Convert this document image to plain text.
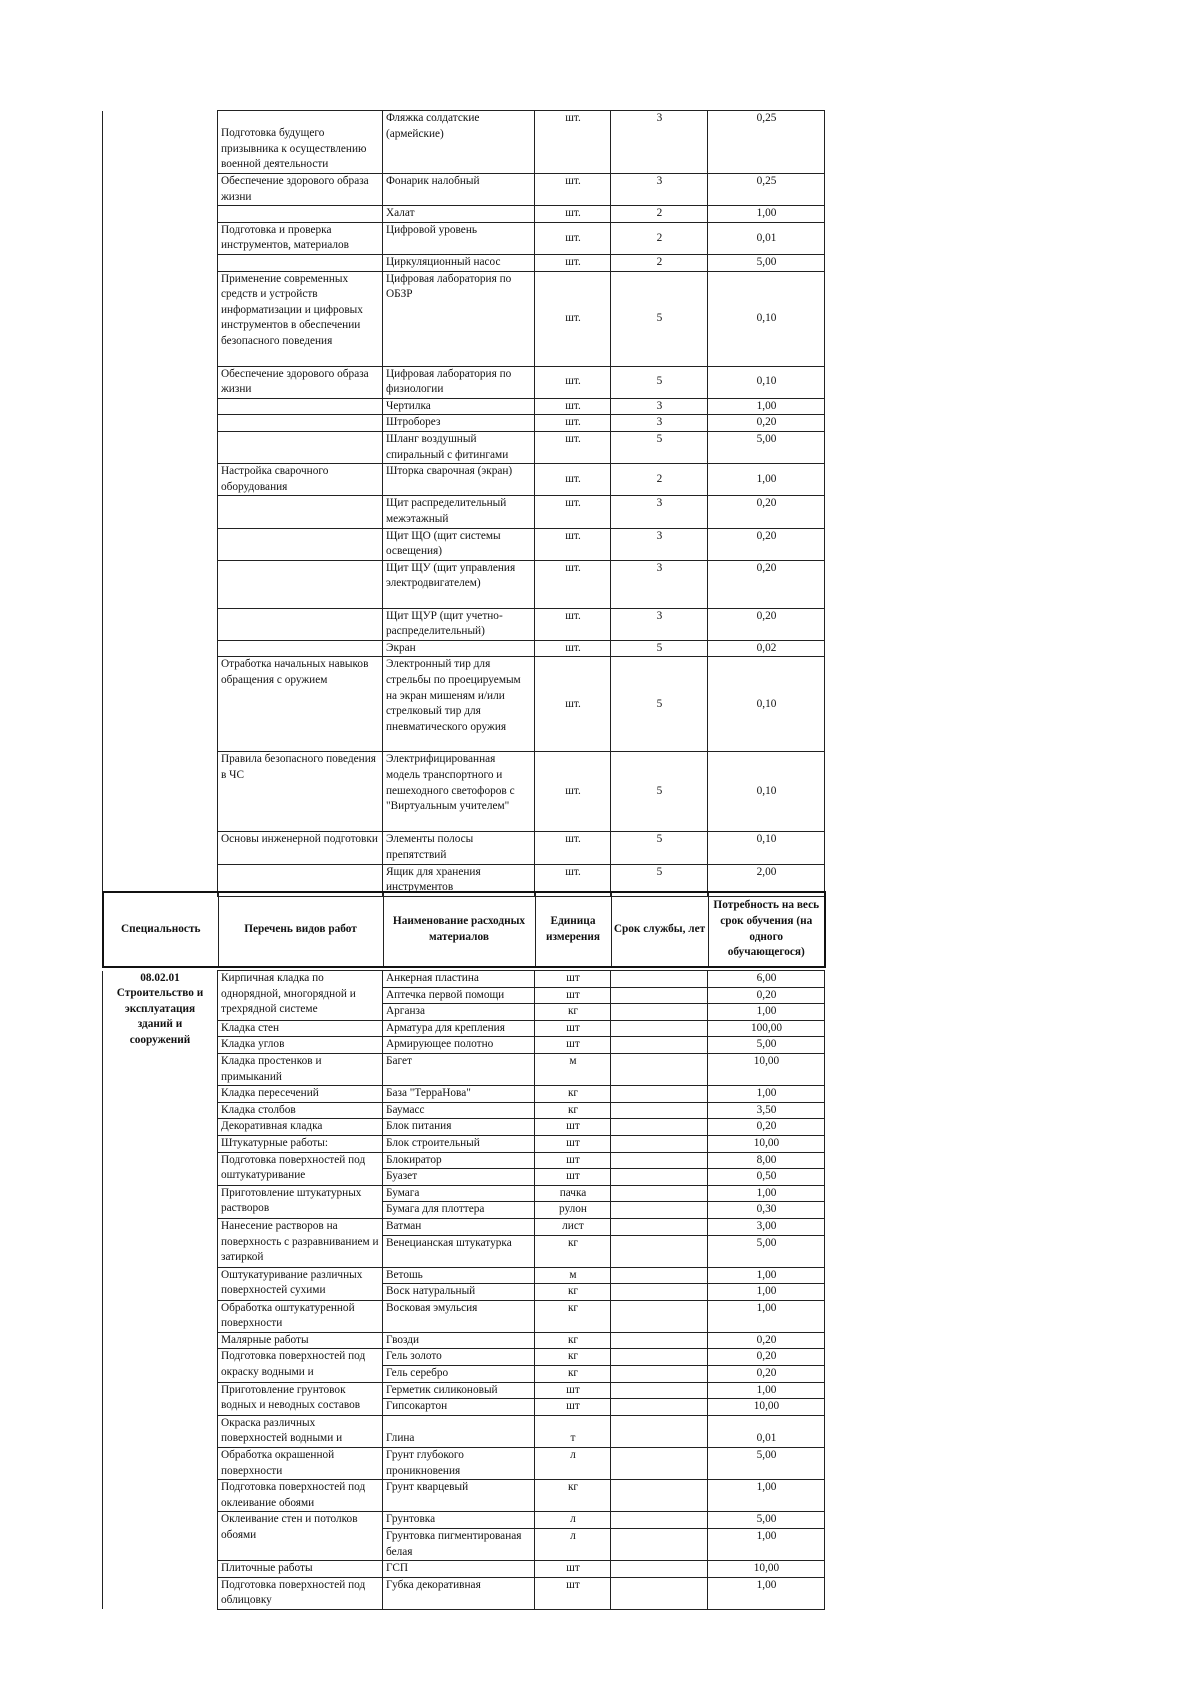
	Подготовка будущего призывника к осуществлению военной деятельности	Фляжка солдатские (армейские)	шт.	3	0,25
	Обеспечение здорового образа жизни	Фонарик налобный	шт.	3	0,25
		Халат	шт.	2	1,00
	Подготовка и проверка инструментов, материалов	Цифровой уровень	шт.	2	0,01
		Циркуляционный насос	шт.	2	5,00
	Применение современных средств и устройств информатизации и цифровых инструментов в обеспечении безопасного поведения	Цифровая лаборатория по ОБЗР	шт.	5	0,10
	Обеспечение здорового образа жизни	Цифровая лаборатория по физиологии	шт.	5	0,10
		Чертилка	шт.	3	1,00
		Штроборез	шт.	3	0,20
		Шланг воздушный спиральный с фитингами	шт.	5	5,00
	Настройка сварочного оборудования	Шторка сварочная (экран)	шт.	2	1,00
		Щит распределительный межэтажный	шт.	3	0,20
		Щит ЩО (щит системы освещения)	шт.	3	0,20
		Щит ЩУ (щит управления электродвигателем)	шт.	3	0,20
		Щит ЩУР (щит учетно-распределительный)	шт.	3	0,20
		Экран	шт.	5	0,02
	Отработка начальных навыков обращения с оружием	Электронный тир для стрельбы по проецируемым на экран мишеням и/или стрелковый тир для пневматического оружия	шт.	5	0,10
	Правила безопасного поведения в ЧС	Электрифицированная модель транспортного и пешеходного светофоров с "Виртуальным учителем"	шт.	5	0,10
	Основы инженерной подготовки	Элементы полосы препятствий	шт.	5	0,10
		Ящик для хранения инструментов	шт.	5	2,00
Специальность	Перечень видов работ	Наименование расходных материалов	Единица измерения	Срок службы, лет	Потребность на весь срок обучения (на одного обучающегося)
08.02.01 Строительство и эксплуатация зданий и сооружений	Кирпичная кладка по однорядной, многорядной и трехрядной системе	Анкерная пластина	шт		6,00
		Аптечка первой помощи	шт		0,20
		Арганза	кг		1,00
	Кладка стен	Арматура для крепления	шт		100,00
	Кладка углов	Армирующее полотно	шт		5,00
	Кладка простенков и примыканий	Багет	м		10,00
	Кладка пересечений	База "ТерраНова"	кг		1,00
	Кладка столбов	Баумасс	кг		3,50
	Декоративная кладка	Блок питания	шт		0,20
	Штукатурные работы:	Блок строительный	шт		10,00
	Подготовка поверхностей под оштукатуривание	Блокиратор	шт		8,00
		Буазет	шт		0,50
	Приготовление штукатурных растворов	Бумага	пачка		1,00
		Бумага для плоттера	рулон		0,30
	Нанесение растворов на поверхность с разравниванием и затиркой	Ватман	лист		3,00
		Венецианская штукатурка	кг		5,00
	Оштукатуривание различных поверхностей сухими	Ветошь	м		1,00
		Воск натуральный	кг		1,00
	Обработка оштукатуренной поверхности	Восковая эмульсия	кг		1,00
	Малярные работы	Гвозди	кг		0,20
	Подготовка поверхностей под окраску водными и	Гель золото	кг		0,20
		Гель серебро	кг		0,20
	Приготовление грунтовок водных и неводных составов	Герметик силиконовый	шт		1,00
		Гипсокартон	шт		10,00
	Окраска различных поверхностей водными и	Глина	т		0,01
	Обработка окрашенной поверхности	Грунт глубокого проникновения	л		5,00
	Подготовка поверхностей под оклеивание обоями	Грунт кварцевый	кг		1,00
	Оклеивание стен и потолков обоями	Грунтовка	л		5,00
		Грунтовка пигментированая белая	л		1,00
	Плиточные работы	ГСП	шт		10,00
	Подготовка поверхностей под облицовку	Губка декоративная	шт		1,00
